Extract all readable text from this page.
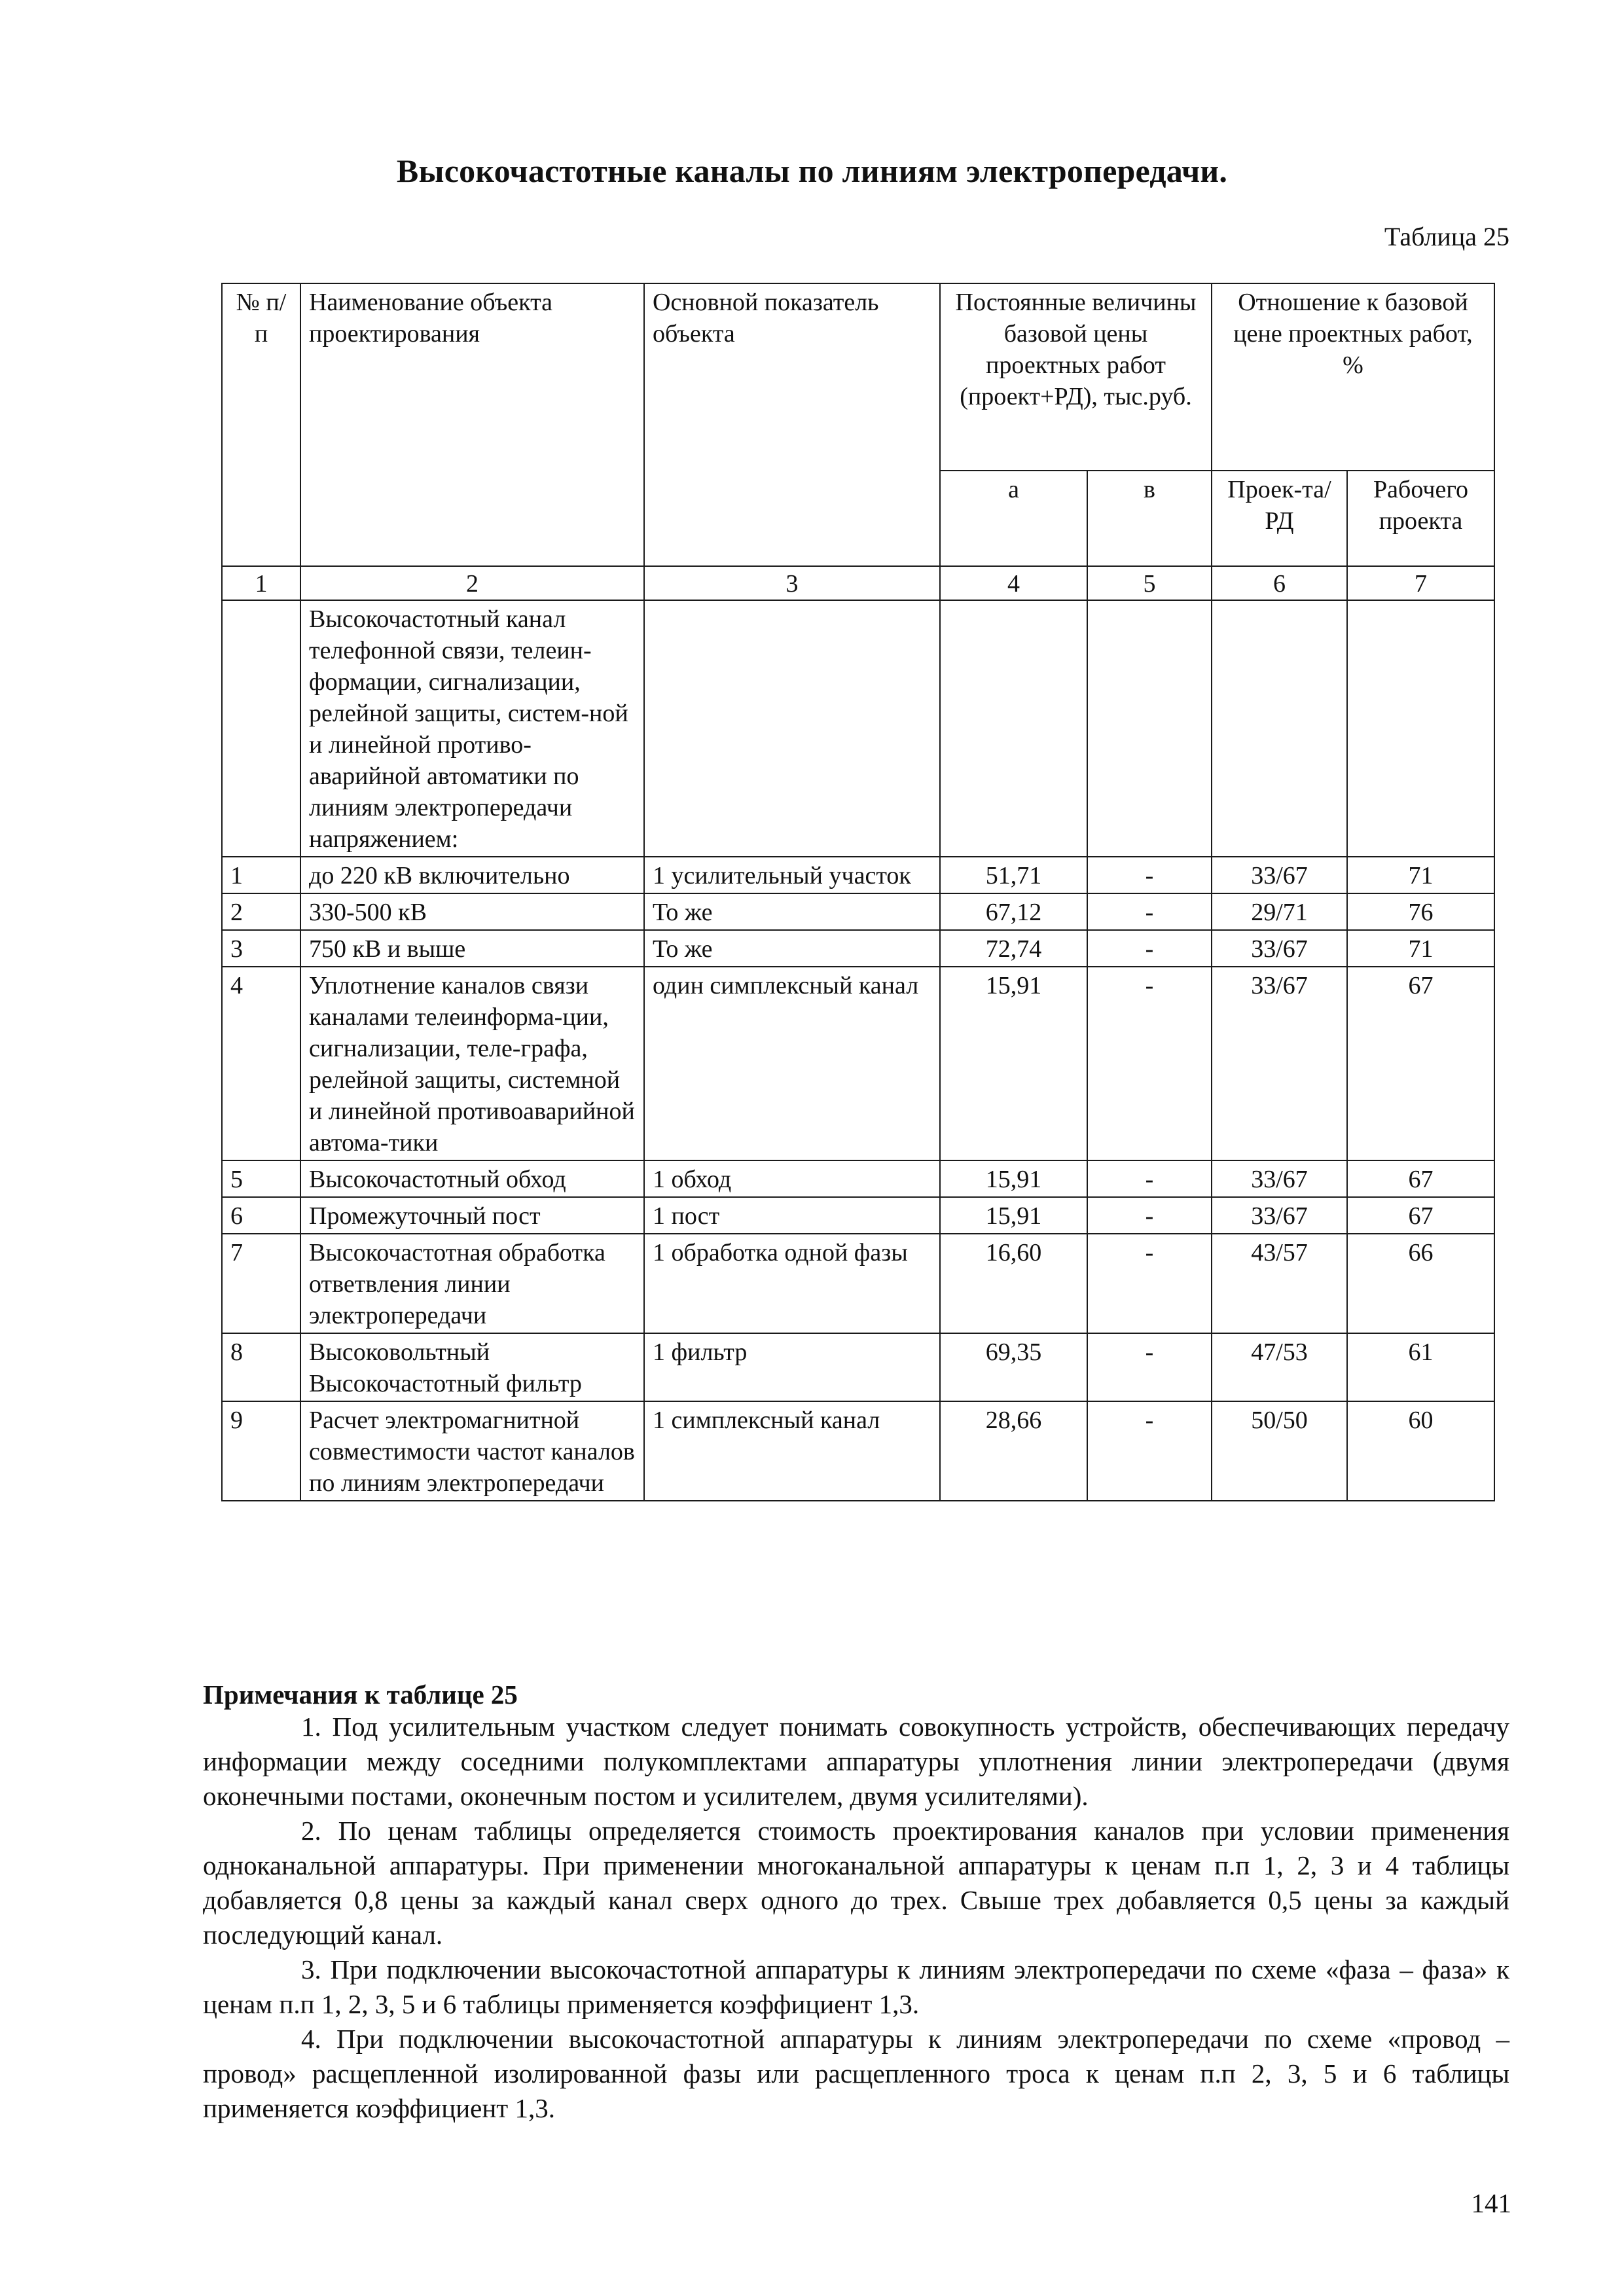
Высокочастотные каналы по линиям электропередачи.
Таблица 25
№ п/п	Наименование объекта проектирования	Основной показатель объекта	Постоянные величины базовой цены проектных работ (проект+РД), тыс.руб.		Отношение к базовой цене проектных работ, %	
			а	в	Проек-та/РД	Рабочего проекта
1	2	3	4	5	6	7
	Высокочастотный канал телефонной связи, телеин-формации, сигнализации, релейной защиты, систем-ной и линейной противо-аварийной автоматики по линиям электропередачи напряжением:					
1	до 220 кВ включительно	1 усилительный участок	51,71	-	33/67	71
2	330-500 кВ	То же	67,12	-	29/71	76
3	750 кВ и выше	То же	72,74	-	33/67	71
4	Уплотнение каналов связи каналами телеинформа-ции, сигнализации, теле-графа, релейной защиты, системной и линейной противоаварийной автома-тики	один симплексный канал	15,91	-	33/67	67
5	Высокочастотный обход	1 обход	15,91	-	33/67	67
6	Промежуточный пост	1 пост	15,91	-	33/67	67
7	Высокочастотная обработка ответвления линии электропередачи	1 обработка одной фазы	16,60	-	43/57	66
8	Высоковольтный Высокочастотный фильтр	1 фильтр	69,35	-	47/53	61
9	Расчет электромагнитной совместимости частот каналов по линиям электропередачи	1 симплексный канал	28,66	-	50/50	60
Примечания к таблице 25

1. Под усилительным участком следует понимать совокупность устройств, обеспечивающих передачу информации между соседними полукомплектами аппаратуры уплотнения линии электропередачи (двумя оконечными постами, оконечным постом и усилителем, двумя усилителями).

2. По ценам таблицы определяется стоимость проектирования каналов при условии применения одноканальной аппаратуры. При применении многоканальной аппаратуры к ценам п.п 1, 2, 3 и 4 таблицы добавляется 0,8 цены за каждый канал сверх одного до трех. Свыше трех добавляется 0,5 цены за каждый последующий канал.

3. При подключении высокочастотной аппаратуры к линиям электропередачи по схеме «фаза – фаза» к ценам п.п 1, 2, 3, 5 и 6 таблицы применяется коэффициент 1,3.

4. При подключении высокочастотной аппаратуры к линиям электропередачи по схеме «провод – провод» расщепленной изолированной фазы или расщепленного троса к ценам п.п 2, 3, 5 и 6 таблицы применяется коэффициент 1,3.

141
